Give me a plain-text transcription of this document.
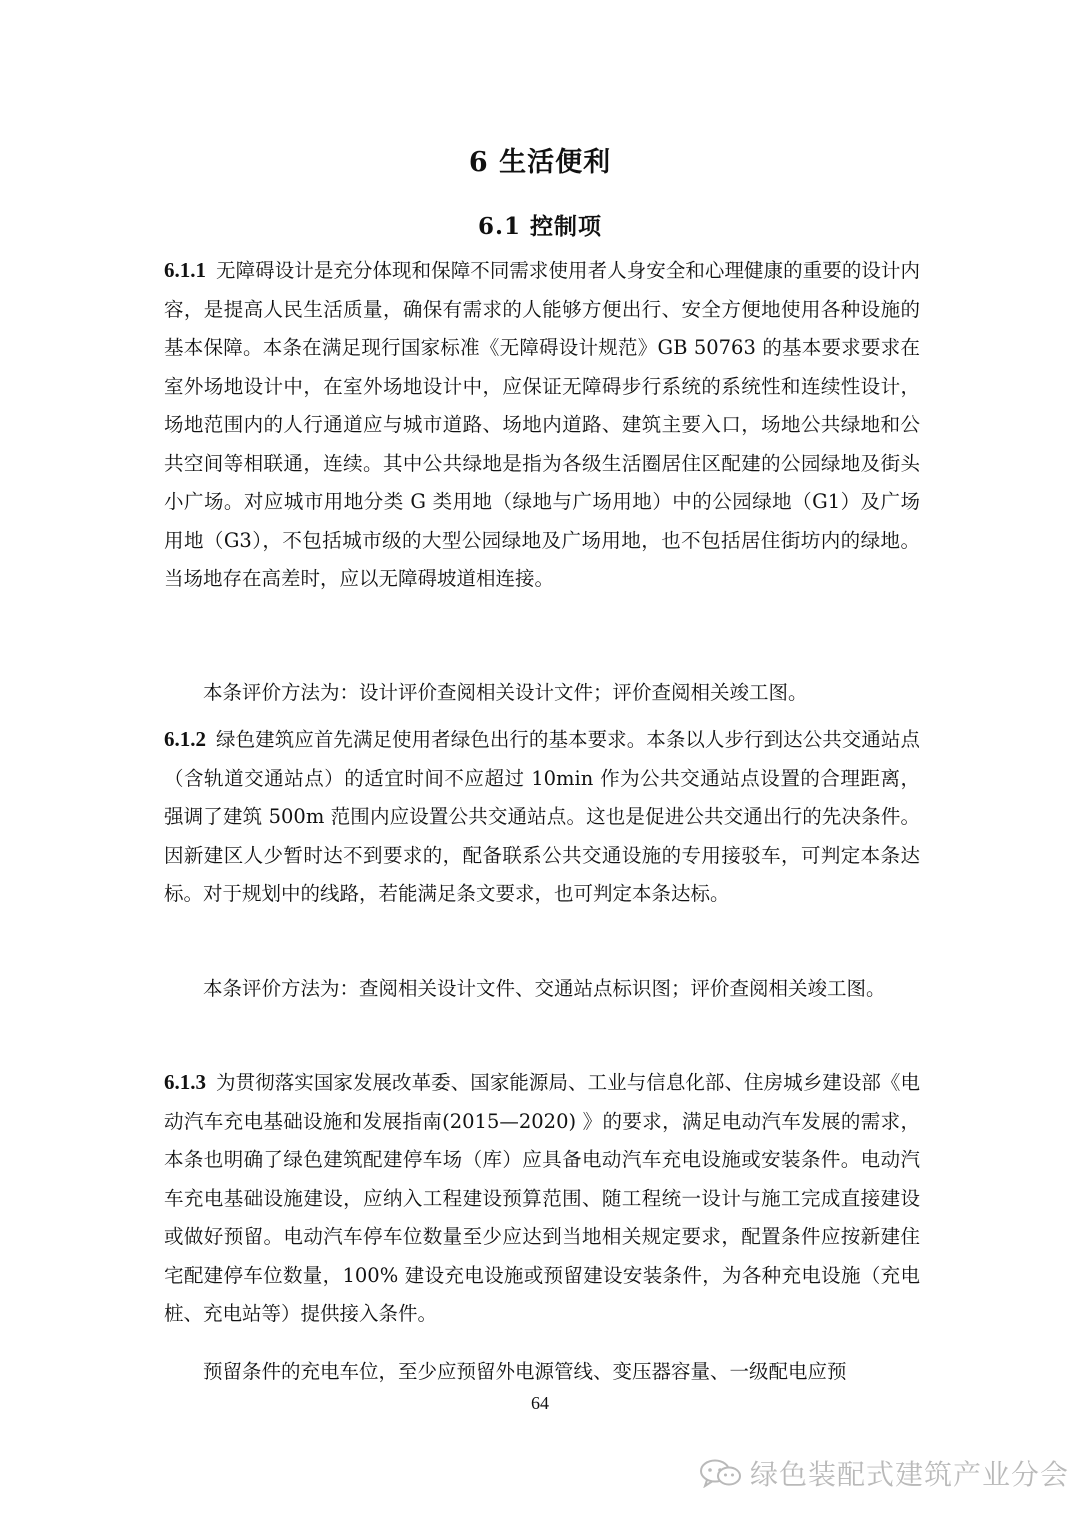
6 生活便利
6.1 控制项

6.1.1 无障碍设计是充分体现和保障不同需求使用者人身安全和心理健康的重要的设计内容，是提高人民生活质量，确保有需求的人能够方便出行、安全方便地使用各种设施的基本保障。本条在满足现行国家标准《无障碍设计规范》GB 50763 的基本要求要求在室外场地设计中，在室外场地设计中，应保证无障碍步行系统的系统性和连续性设计，场地范围内的人行通道应与城市道路、场地内道路、建筑主要入口，场地公共绿地和公共空间等相联通，连续。其中公共绿地是指为各级生活圈居住区配建的公园绿地及街头小广场。对应城市用地分类 G 类用地（绿地与广场用地）中的公园绿地（G1）及广场用地（G3），不包括城市级的大型公园绿地及广场用地，也不包括居住街坊内的绿地。当场地存在高差时，应以无障碍坡道相连接。

本条评价方法为：设计评价查阅相关设计文件；评价查阅相关竣工图。

6.1.2 绿色建筑应首先满足使用者绿色出行的基本要求。本条以人步行到达公共交通站点（含轨道交通站点）的适宜时间不应超过 10min 作为公共交通站点设置的合理距离，强调了建筑 500m 范围内应设置公共交通站点。这也是促进公共交通出行的先决条件。因新建区人少暂时达不到要求的，配备联系公共交通设施的专用接驳车，可判定本条达标。对于规划中的线路，若能满足条文要求，也可判定本条达标。

本条评价方法为：查阅相关设计文件、交通站点标识图；评价查阅相关竣工图。

6.1.3 为贯彻落实国家发展改革委、国家能源局、工业与信息化部、住房城乡建设部《电动汽车充电基础设施和发展指南(2015—2020) 》的要求，满足电动汽车发展的需求，本条也明确了绿色建筑配建停车场（库）应具备电动汽车充电设施或安装条件。电动汽车充电基础设施建设，应纳入工程建设预算范围、随工程统一设计与施工完成直接建设或做好预留。电动汽车停车位数量至少应达到当地相关规定要求，配置条件应按新建住宅配建停车位数量，100% 建设充电设施或预留建设安装条件，为各种充电设施（充电桩、充电站等）提供接入条件。

预留条件的充电车位，至少应预留外电源管线、变压器容量、一级配电应预

64
绿色装配式建筑产业分会
